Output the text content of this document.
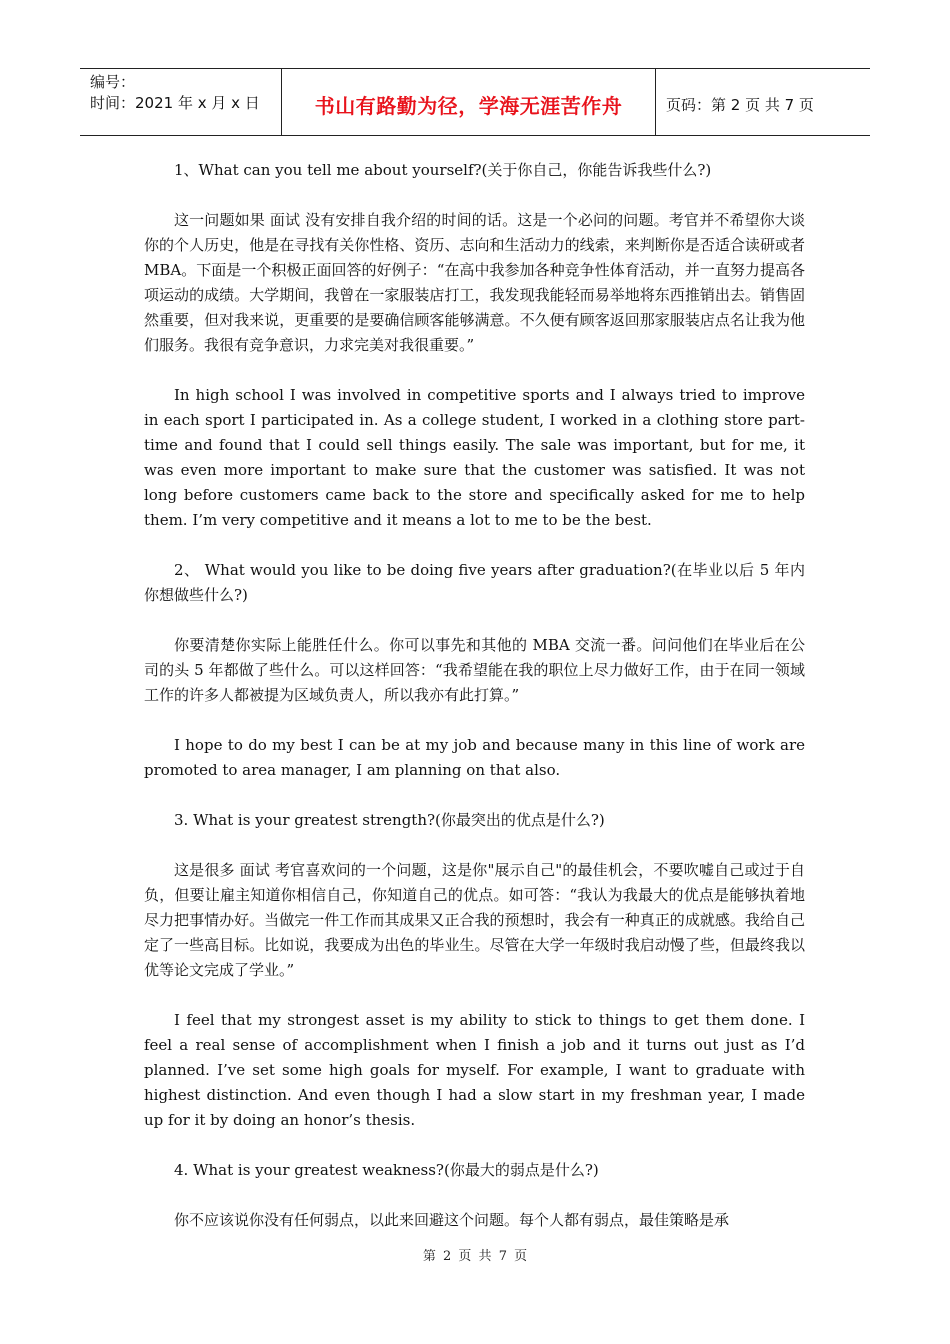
编号：
时间：2021 年 x 月 x 日	书山有路勤为径，学海无涯苦作舟	页码：第 2 页 共 7 页

1、What can you tell me about yourself?(关于你自己，你能告诉我些什么?)

这一问题如果 面试 没有安排自我介绍的时间的话。这是一个必问的问题。考官并不希望你大谈你的个人历史，他是在寻找有关你性格、资历、志向和生活动力的线索，来判断你是否适合读研或者 MBA。下面是一个积极正面回答的好例子：“在高中我参加各种竞争性体育活动，并一直努力提高各项运动的成绩。大学期间，我曾在一家服装店打工，我发现我能轻而易举地将东西推销出去。销售固然重要，但对我来说，更重要的是要确信顾客能够满意。不久便有顾客返回那家服装店点名让我为他们服务。我很有竞争意识，力求完美对我很重要。”

In high school I was involved in competitive sports and I always tried to improve in each sport I participated in. As a college student, I worked in a clothing store part-time and found that I could sell things easily. The sale was important, but for me, it was even more important to make sure that the customer was satisfied. It was not long before customers came back to the store and specifically asked for me to help them. I’m very competitive and it means a lot to me to be the best.

2、 What would you like to be doing five years after graduation?(在毕业以后 5 年内你想做些什么?)

你要清楚你实际上能胜任什么。你可以事先和其他的 MBA 交流一番。问问他们在毕业后在公司的头 5 年都做了些什么。可以这样回答：“我希望能在我的职位上尽力做好工作，由于在同一领域工作的许多人都被提为区域负责人，所以我亦有此打算。”

I hope to do my best I can be at my job and because many in this line of work are promoted to area manager, I am planning on that also.

3. What is your greatest strength?(你最突出的优点是什么?)

这是很多 面试 考官喜欢问的一个问题，这是你"展示自己"的最佳机会，不要吹嘘自己或过于自负，但要让雇主知道你相信自己，你知道自己的优点。如可答：“我认为我最大的优点是能够执着地尽力把事情办好。当做完一件工作而其成果又正合我的预想时，我会有一种真正的成就感。我给自己定了一些高目标。比如说，我要成为出色的毕业生。尽管在大学一年级时我启动慢了些，但最终我以优等论文完成了学业。”

I feel that my strongest asset is my ability to stick to things to get them done. I feel a real sense of accomplishment when I finish a job and it turns out just as I’d planned. I’ve set some high goals for myself. For example, I want to graduate with highest distinction. And even though I had a slow start in my freshman year, I made up for it by doing an honor’s thesis.

4. What is your greatest weakness?(你最大的弱点是什么?)

你不应该说你没有任何弱点，以此来回避这个问题。每个人都有弱点，最佳策略是承

第 2 页 共 7 页
